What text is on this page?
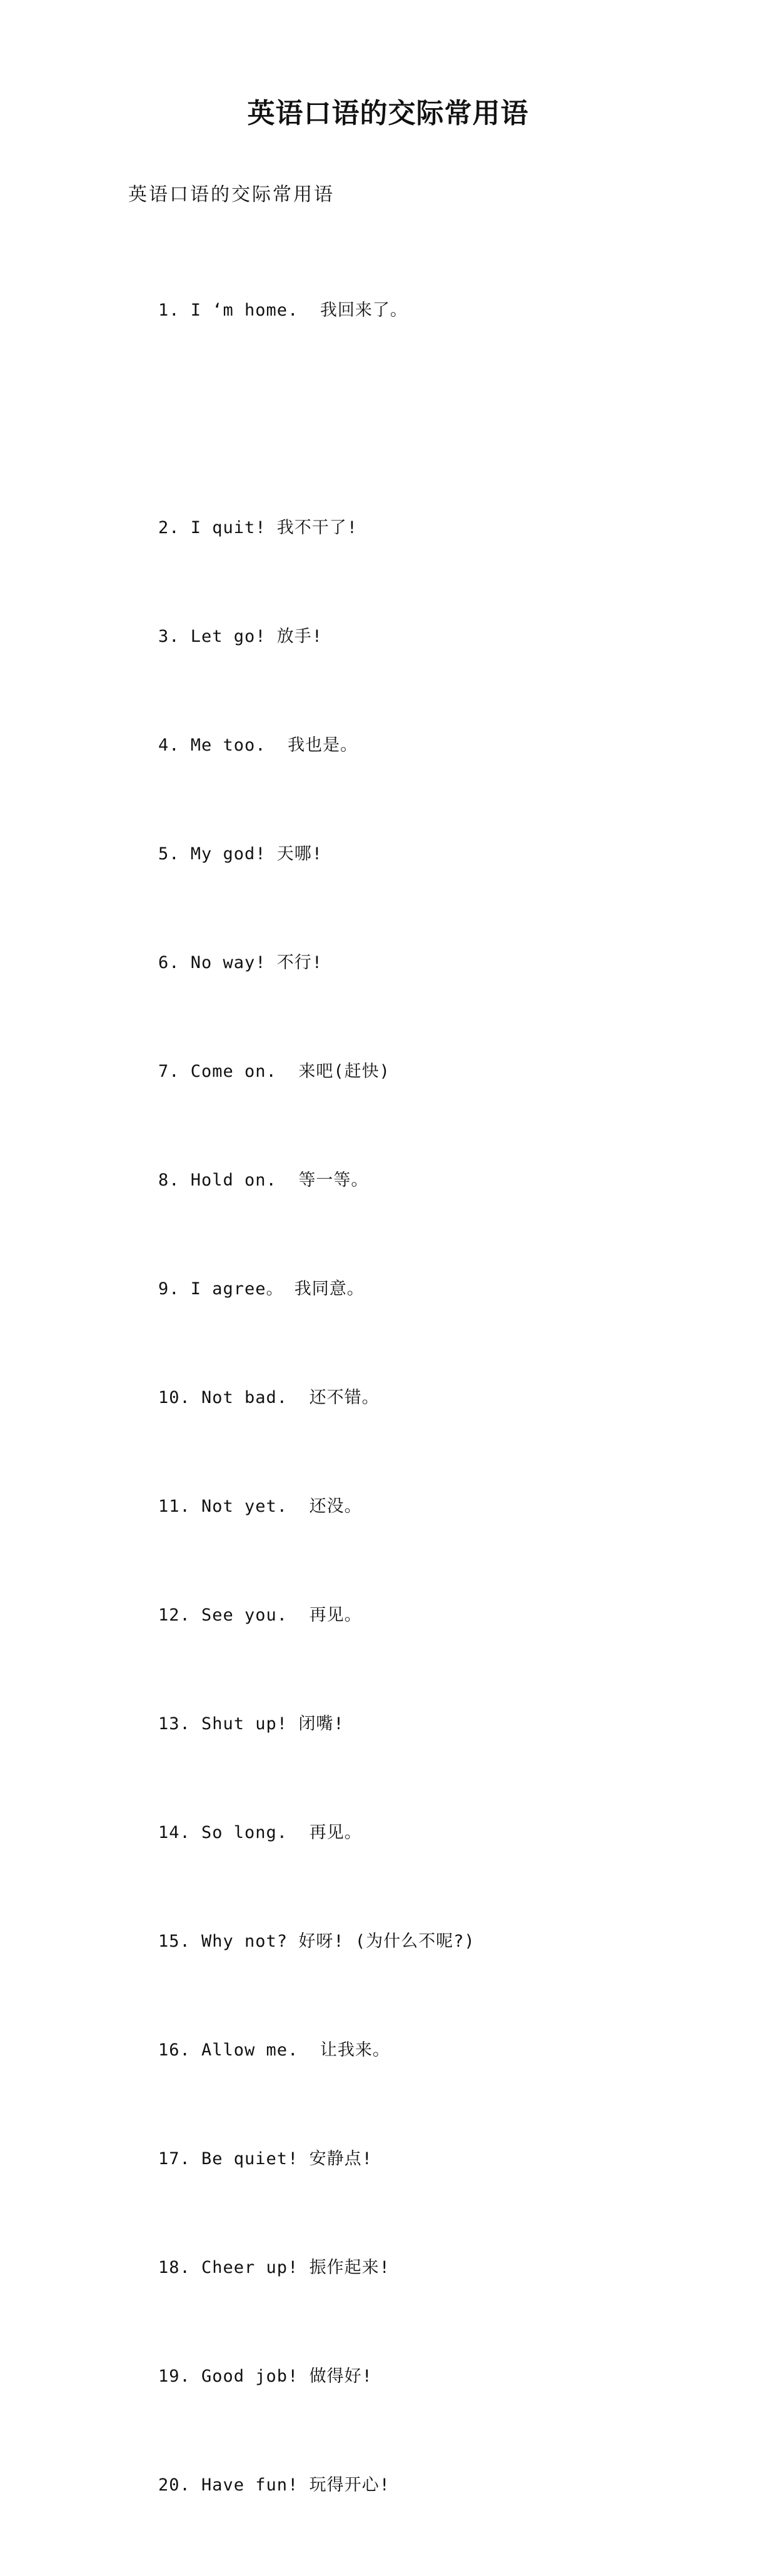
英语口语的交际常用语

英语口语的交际常用语

1. I ‘m home.  我回来了。

2. I quit! 我不干了!

3. Let go! 放手!

4. Me too.  我也是。

5. My god! 天哪!

6. No way! 不行!

7. Come on.  来吧(赶快)

8. Hold on.  等一等。

9. I agree。 我同意。

10. Not bad.  还不错。

11. Not yet.  还没。

12. See you.  再见。

13. Shut up! 闭嘴!

14. So long.  再见。

15. Why not? 好呀! (为什么不呢?)

16. Allow me.  让我来。

17. Be quiet! 安静点!

18. Cheer up! 振作起来!

19. Good job! 做得好!

20. Have fun! 玩得开心!
